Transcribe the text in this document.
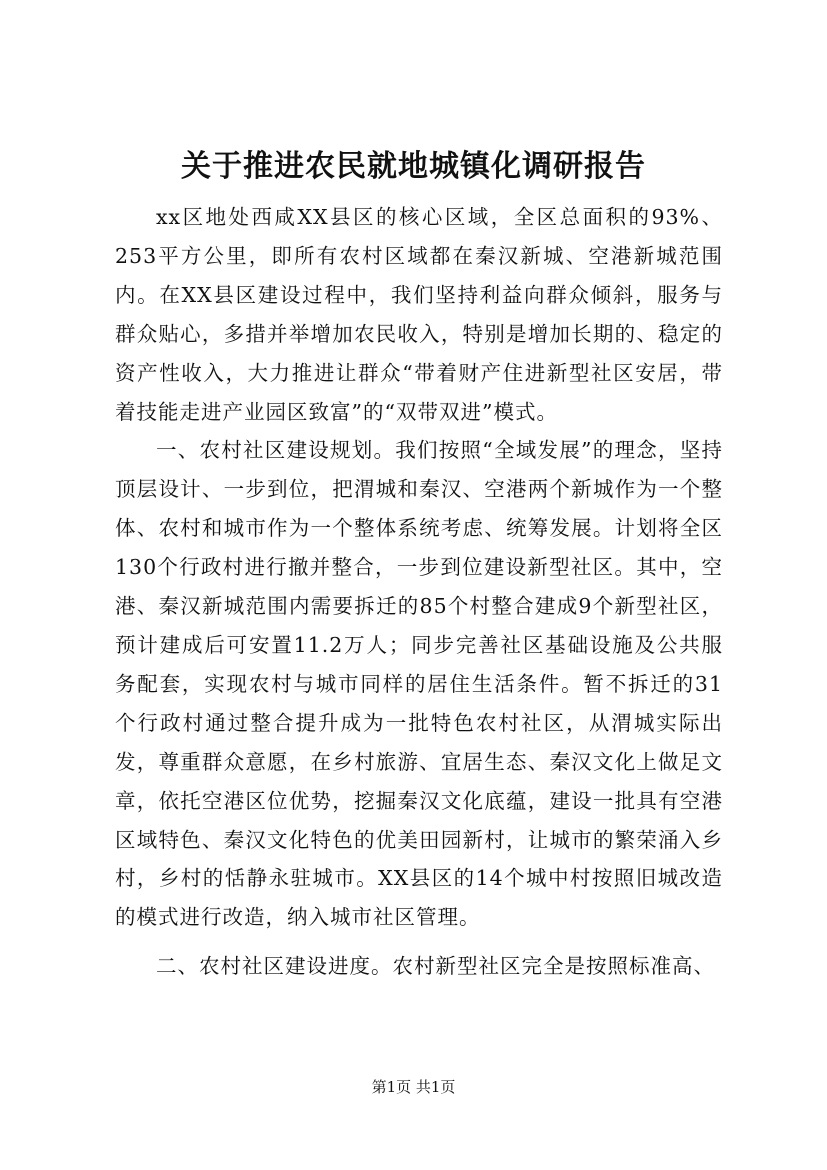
关于推进农民就地城镇化调研报告

xx区地处西咸XX县区的核心区域，全区总面积的93%、253平方公里，即所有农村区域都在秦汉新城、空港新城范围内。在XX县区建设过程中，我们坚持利益向群众倾斜，服务与群众贴心，多措并举增加农民收入，特别是增加长期的、稳定的资产性收入，大力推进让群众“带着财产住进新型社区安居，带着技能走进产业园区致富”的“双带双进”模式。

一、农村社区建设规划。我们按照“全域发展”的理念，坚持顶层设计、一步到位，把渭城和秦汉、空港两个新城作为一个整体、农村和城市作为一个整体系统考虑、统筹发展。计划将全区130个行政村进行撤并整合，一步到位建设新型社区。其中，空港、秦汉新城范围内需要拆迁的85个村整合建成9个新型社区，预计建成后可安置11.2万人；同步完善社区基础设施及公共服务配套，实现农村与城市同样的居住生活条件。暂不拆迁的31个行政村通过整合提升成为一批特色农村社区，从渭城实际出发，尊重群众意愿，在乡村旅游、宜居生态、秦汉文化上做足文章，依托空港区位优势，挖掘秦汉文化底蕴，建设一批具有空港区域特色、秦汉文化特色的优美田园新村，让城市的繁荣涌入乡村，乡村的恬静永驻城市。XX县区的14个城中村按照旧城改造的模式进行改造，纳入城市社区管理。

二、农村社区建设进度。农村新型社区完全是按照标准高、

第1页 共1页
